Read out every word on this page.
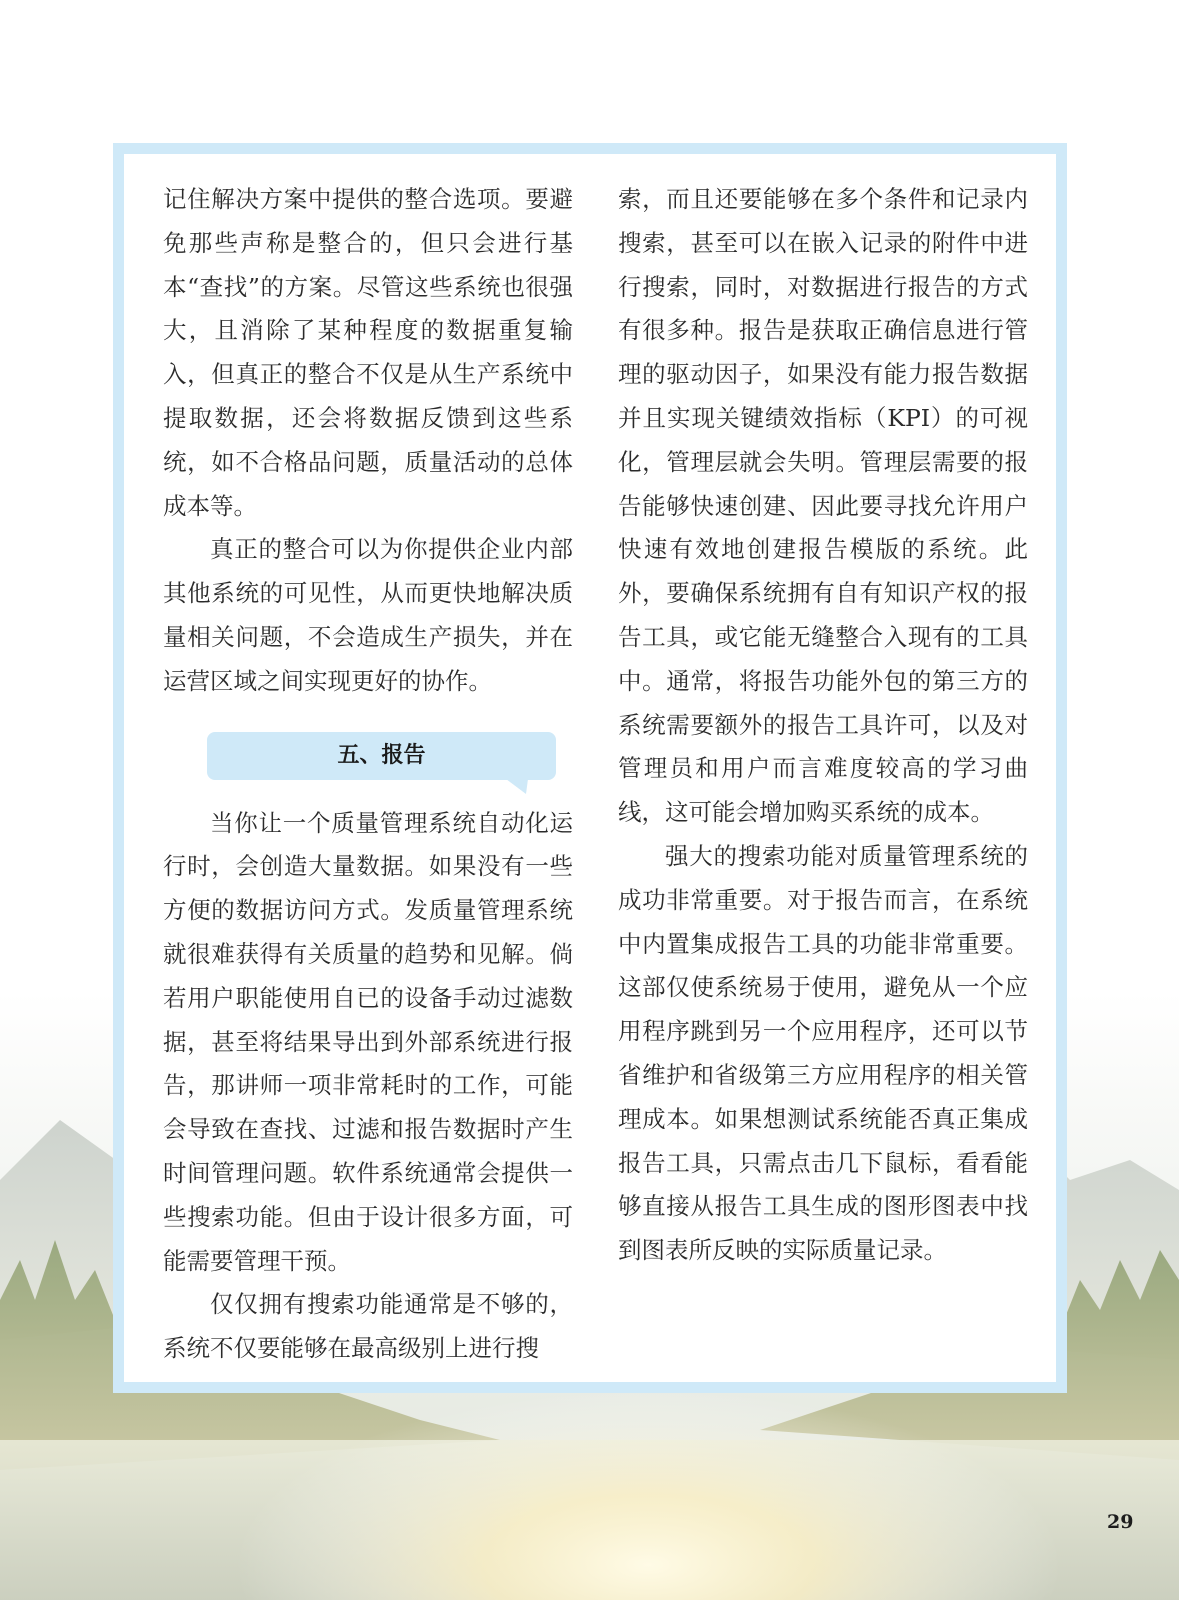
记住解决方案中提供的整合选项。要避免那些声称是整合的，但只会进行基本“查找”的方案。尽管这些系统也很强大，且消除了某种程度的数据重复输入，但真正的整合不仅是从生产系统中提取数据，还会将数据反馈到这些系统，如不合格品问题，质量活动的总体成本等。

真正的整合可以为你提供企业内部其他系统的可见性，从而更快地解决质量相关问题，不会造成生产损失，并在运营区域之间实现更好的协作。

五、报告

当你让一个质量管理系统自动化运行时，会创造大量数据。如果没有一些方便的数据访问方式。发质量管理系统就很难获得有关质量的趋势和见解。倘若用户职能使用自已的设备手动过滤数据，甚至将结果导出到外部系统进行报告，那讲师一项非常耗时的工作，可能会导致在查找、过滤和报告数据时产生时间管理问题。软件系统通常会提供一些搜索功能。但由于设计很多方面，可能需要管理干预。

仅仅拥有搜索功能通常是不够的，系统不仅要能够在最高级别上进行搜

索，而且还要能够在多个条件和记录内搜索，甚至可以在嵌入记录的附件中进行搜索，同时，对数据进行报告的方式有很多种。报告是获取正确信息进行管理的驱动因子，如果没有能力报告数据并且实现关键绩效指标（KPI）的可视化，管理层就会失明。管理层需要的报告能够快速创建、因此要寻找允许用户快速有效地创建报告模版的系统。此外，要确保系统拥有自有知识产权的报告工具，或它能无缝整合入现有的工具中。通常，将报告功能外包的第三方的系统需要额外的报告工具许可，以及对管理员和用户而言难度较高的学习曲线，这可能会增加购买系统的成本。

强大的搜索功能对质量管理系统的成功非常重要。对于报告而言，在系统中内置集成报告工具的功能非常重要。这部仅使系统易于使用，避免从一个应用程序跳到另一个应用程序，还可以节省维护和省级第三方应用程序的相关管理成本。如果想测试系统能否真正集成报告工具，只需点击几下鼠标，看看能够直接从报告工具生成的图形图表中找到图表所反映的实际质量记录。

29
